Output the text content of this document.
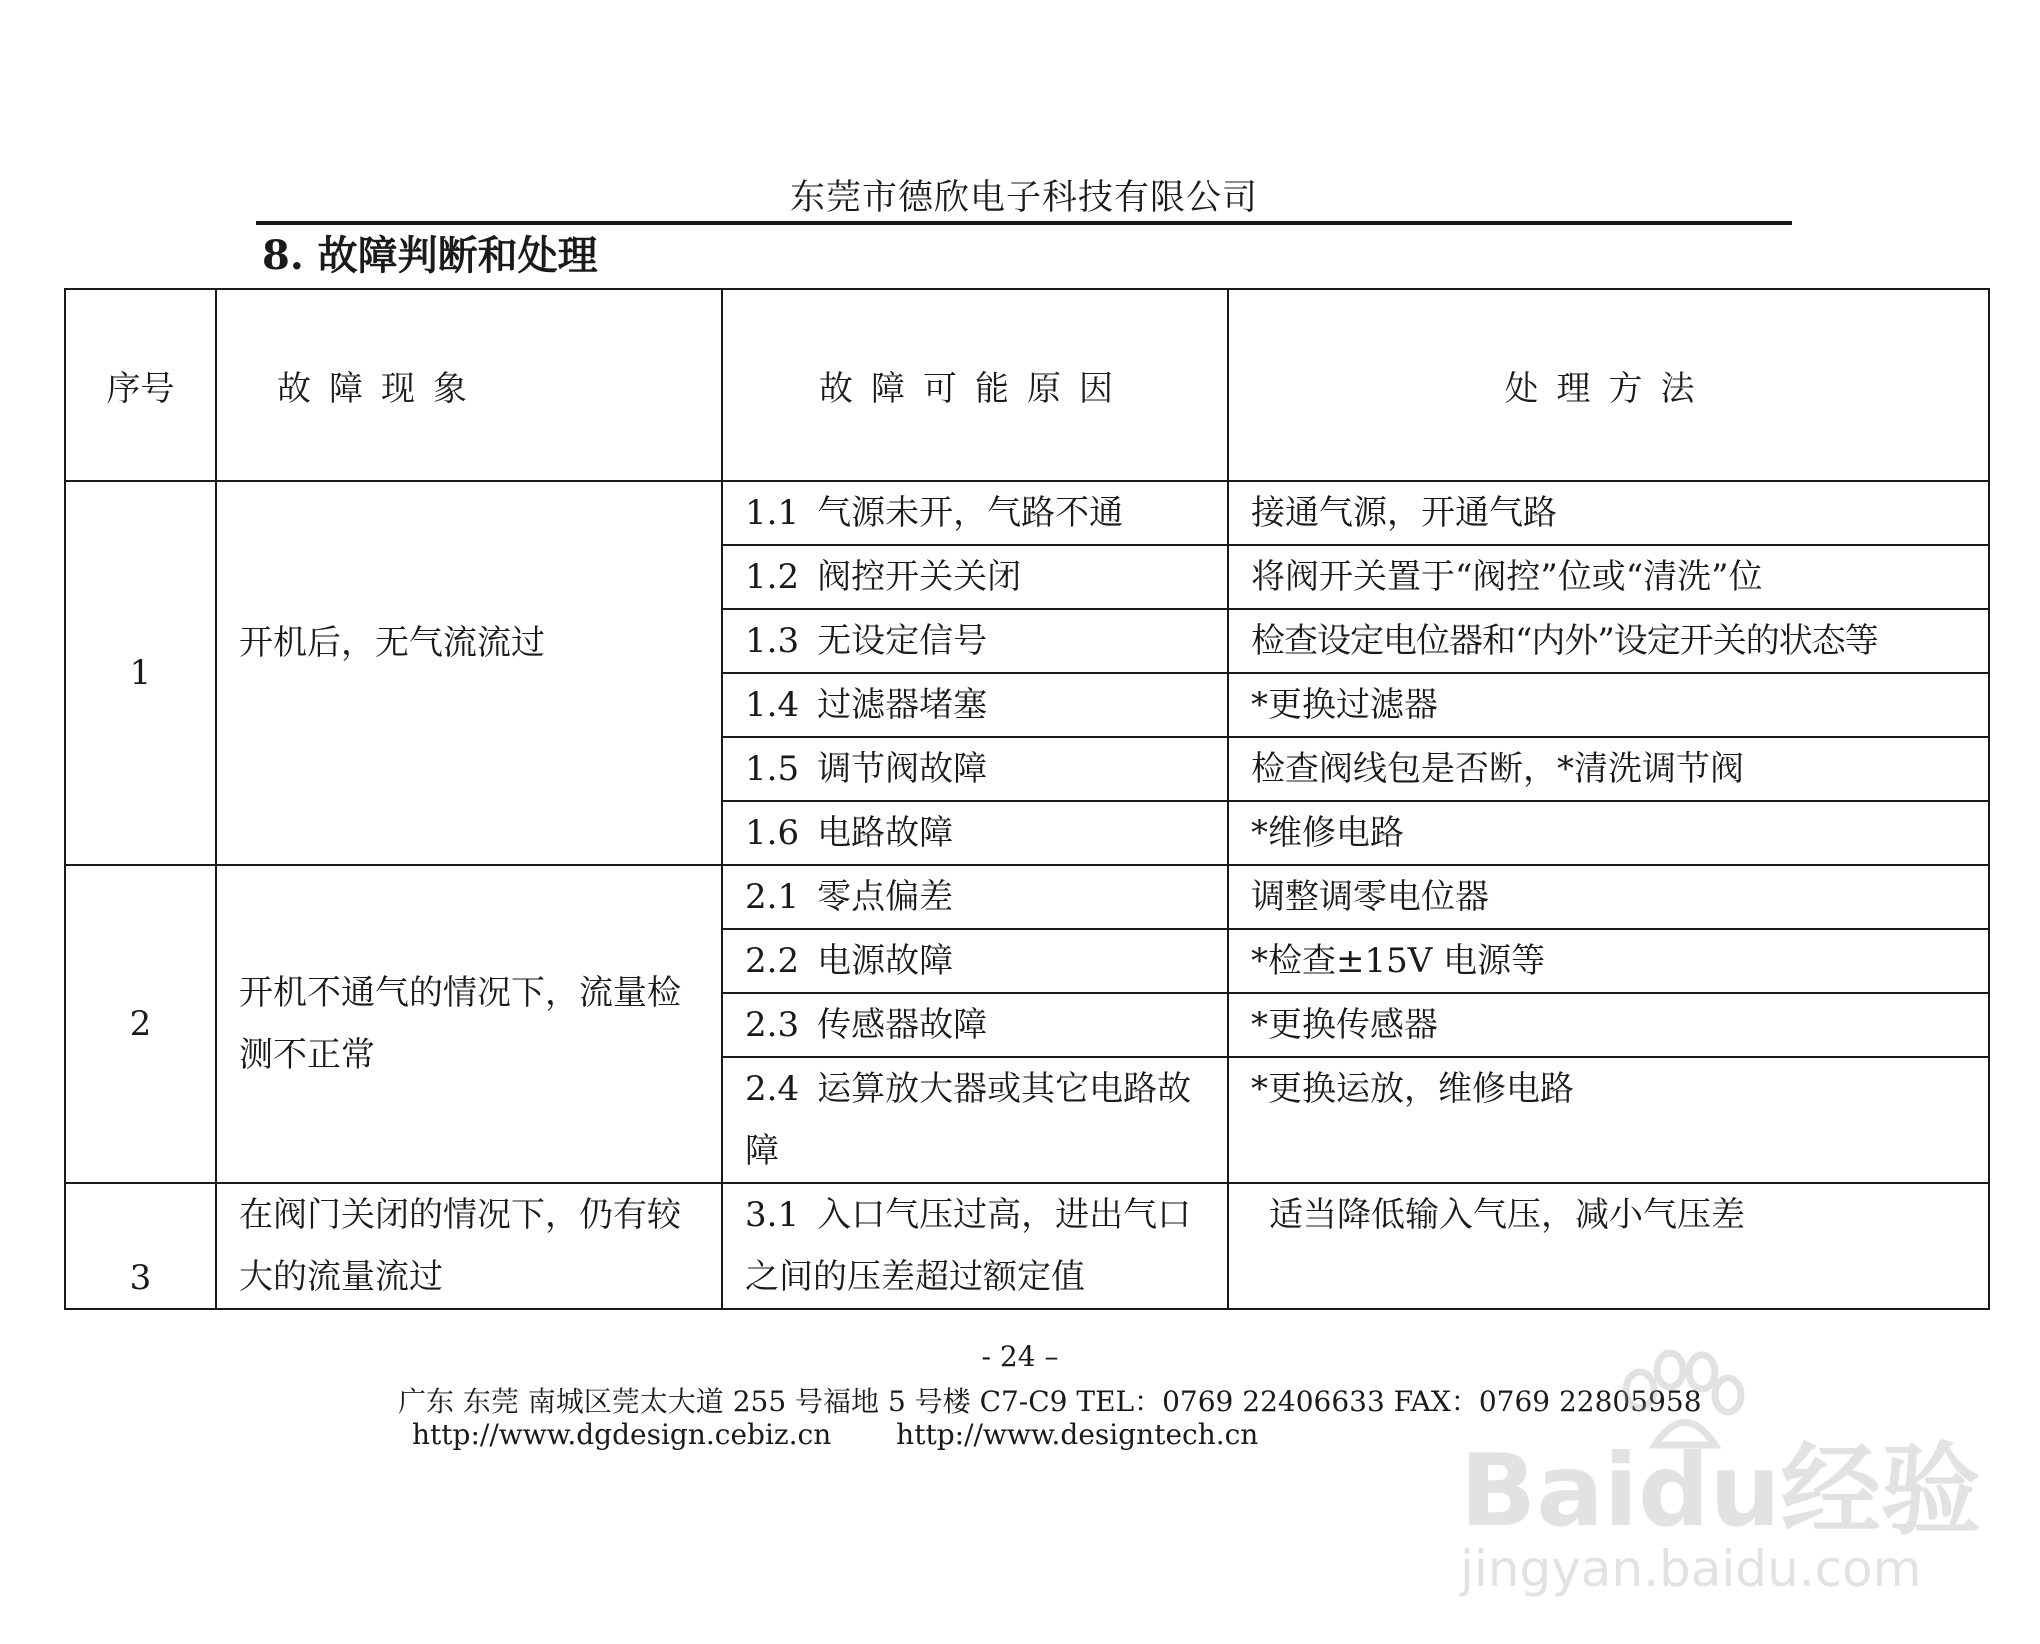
东莞市德欣电子科技有限公司
8. 故障判断和处理
序号	故障现象	故障可能原因	处理方法
1	开机后，无气流流过	1.1 气源未开，气路不通	接通气源，开通气路
		1.2 阀控开关关闭	将阀开关置于“阀控”位或“清洗”位
		1.3 无设定信号	检查设定电位器和“内外”设定开关的状态等
		1.4 过滤器堵塞	*更换过滤器
		1.5 调节阀故障	检查阀线包是否断，*清洗调节阀
		1.6 电路故障	*维修电路
2	开机不通气的情况下，流量检测不正常	2.1 零点偏差	调整调零电位器
		2.2 电源故障	*检查±15V 电源等
		2.3 传感器故障	*更换传感器
		2.4 运算放大器或其它电路故障	*更换运放，维修电路
3	在阀门关闭的情况下，仍有较大的流量流过	3.1 入口气压过高，进出气口之间的压差超过额定值	适当降低输入气压，减小气压差
- 24 –
广东 东莞 南城区莞太大道 255 号福地 5 号楼 C7-C9 TEL：0769 22406633 FAX：0769 22805958
http://www.dgdesign.cebiz.cn http://www.designtech.cn Baidu经验
jingyan.baidu.com
